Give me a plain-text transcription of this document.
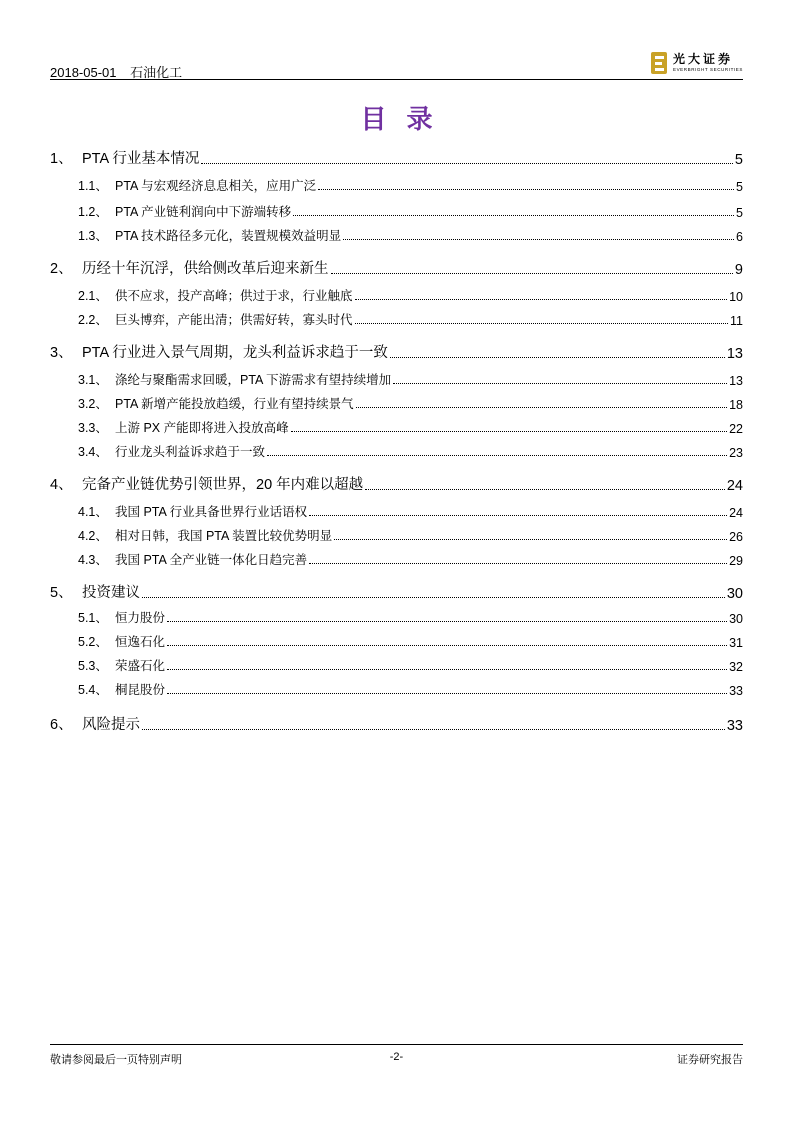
2018-05-01 石油化工
光大证券
EVERBRIGHT SECURITIES
目录
1、 PTA 行业基本情况	5
1.1、 PTA 与宏观经济息息相关，应用广泛	5
1.2、 PTA 产业链利润向中下游端转移	5
1.3、 PTA 技术路径多元化，装置规模效益明显	6
2、 历经十年沉浮，供给侧改革后迎来新生	9
2.1、 供不应求，投产高峰；供过于求，行业触底	10
2.2、 巨头博弈，产能出清；供需好转，寡头时代	11
3、 PTA 行业进入景气周期，龙头利益诉求趋于一致	13
3.1、 涤纶与聚酯需求回暖，PTA 下游需求有望持续增加	13
3.2、 PTA 新增产能投放趋缓，行业有望持续景气	18
3.3、 上游 PX 产能即将进入投放高峰	22
3.4、 行业龙头利益诉求趋于一致	23
4、 完备产业链优势引领世界，20 年内难以超越	24
4.1、 我国 PTA 行业具备世界行业话语权	24
4.2、 相对日韩，我国 PTA 装置比较优势明显	26
4.3、 我国 PTA 全产业链一体化日趋完善	29
5、 投资建议	30
5.1、 恒力股份	30
5.2、 恒逸石化	31
5.3、 荣盛石化	32
5.4、 桐昆股份	33
6、 风险提示	33
敬请参阅最后一页特别声明	-2-	证券研究报告
